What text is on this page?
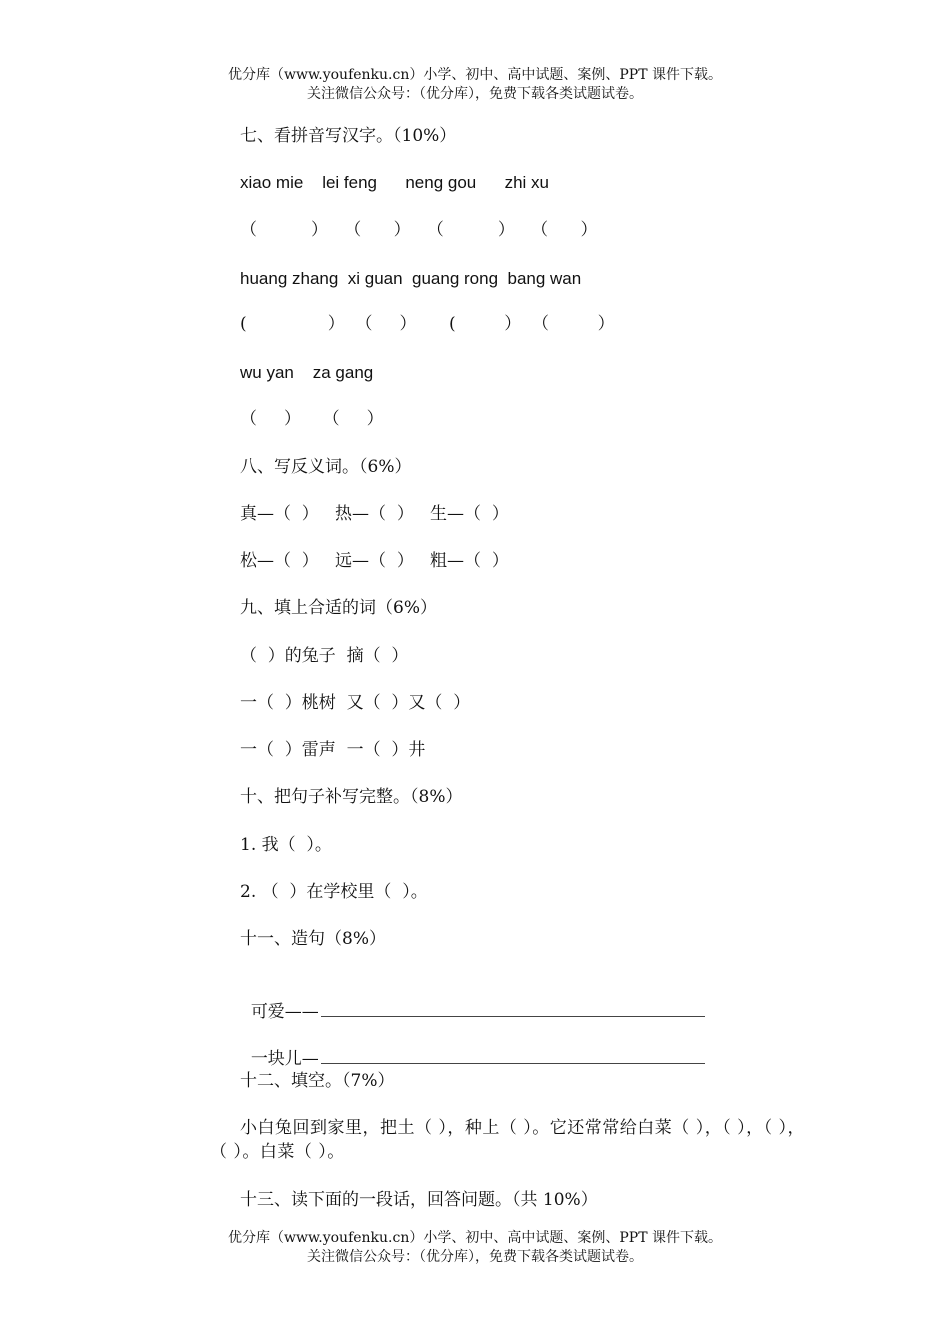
优分库（www.youfenku.cn）小学、初中、高中试题、案例、PPT 课件下载。
关注微信公众号：（优分库），免费下载各类试题试卷。
七、看拼音写汉字。（10%）
xiao mie    lei feng      neng gou      zhi xu
（          ）   （      ）   （          ）   （      ）
huang zhang  xi guan  guang rong  bang wan
(               ）  （     ）      (         ）  （         ）
wu yan    za gang
（     ）    （     ）
八、写反义词。（6%）
真—（  ）   热—（  ）   生—（  ）
松—（  ）   远—（  ）   粗—（  ）
九、填上合适的词（6%）
（  ）的兔子  摘（  ）
一（  ）桃树  又（  ）又（  ）
一（  ）雷声  一（  ）井
十、把句子补写完整。（8%）
1. 我（  ）。
2. （  ）在学校里（  ）。
十一、造句（8%）

可爱——

一块儿—

十二、填空。（7%）
小白兔回到家里，把土（ ），种上（ ）。它还常常给白菜（ ），（ ），（ ），（ ）。白菜（ ）。
十三、读下面的一段话，回答问题。（共 10%）
优分库（www.youfenku.cn）小学、初中、高中试题、案例、PPT 课件下载。
关注微信公众号：（优分库），免费下载各类试题试卷。
